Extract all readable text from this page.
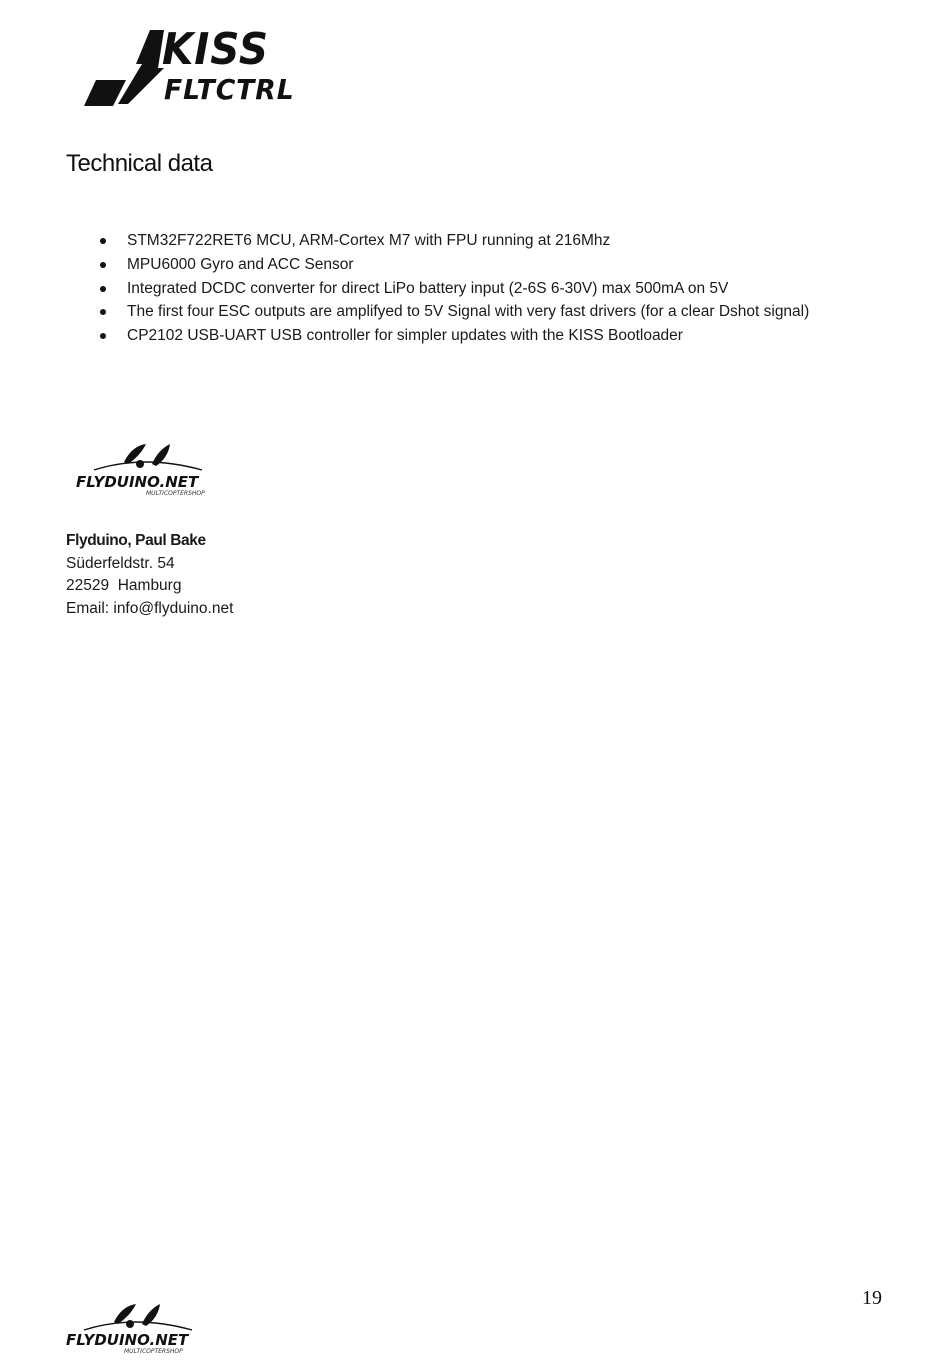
KISS
FLTCTRL
Technical data
STM32F722RET6 MCU, ARM-Cortex M7 with FPU running at 216Mhz
MPU6000 Gyro and ACC Sensor
Integrated DCDC converter for direct LiPo battery input (2-6S 6-30V) max 500mA on 5V
The first four ESC outputs are amplifyed to 5V Signal with very fast drivers (for a clear Dshot signal)
CP2102 USB-UART USB controller for simpler updates with the KISS Bootloader
FLYDUINO.NET
MULTICOPTERSHOP
Flyduino, Paul Bake
Süderfeldstr. 54
22529  Hamburg
Email: info@flyduino.net
19
FLYDUINO.NET
MULTICOPTERSHOP
